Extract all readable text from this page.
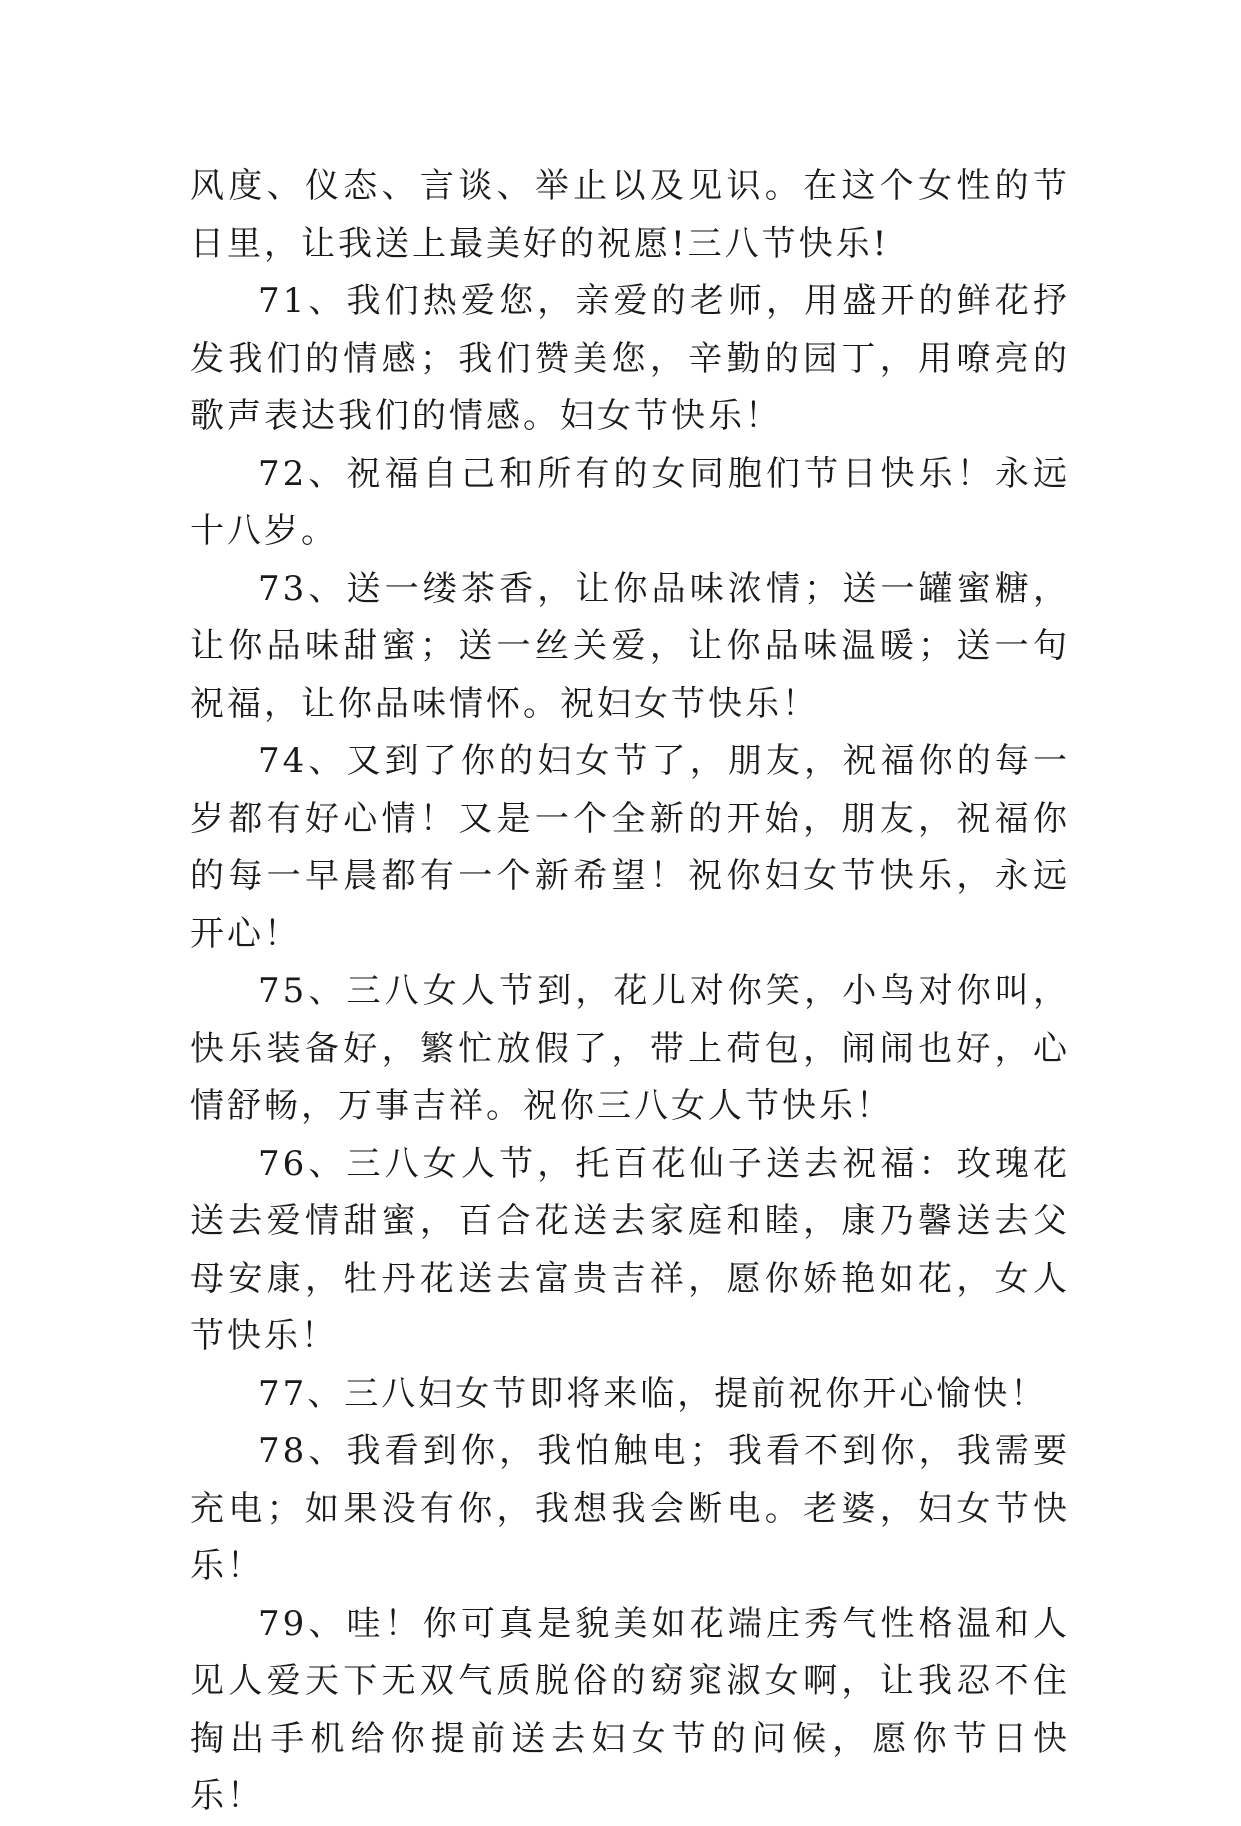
风度、仪态、言谈、举止以及见识。在这个女性的节日里，让我送上最美好的祝愿!三八节快乐!

71、我们热爱您，亲爱的老师，用盛开的鲜花抒发我们的情感；我们赞美您，辛勤的园丁，用嘹亮的歌声表达我们的情感。妇女节快乐！

72、祝福自己和所有的女同胞们节日快乐！永远十八岁。

73、送一缕茶香，让你品味浓情；送一罐蜜糖，让你品味甜蜜；送一丝关爱，让你品味温暖；送一句祝福，让你品味情怀。祝妇女节快乐！

74、又到了你的妇女节了，朋友，祝福你的每一岁都有好心情！又是一个全新的开始，朋友，祝福你的每一早晨都有一个新希望！祝你妇女节快乐，永远开心！

75、三八女人节到，花儿对你笑，小鸟对你叫，快乐装备好，繁忙放假了，带上荷包，闹闹也好，心情舒畅，万事吉祥。祝你三八女人节快乐！

76、三八女人节，托百花仙子送去祝福：玫瑰花送去爱情甜蜜，百合花送去家庭和睦，康乃馨送去父母安康，牡丹花送去富贵吉祥，愿你娇艳如花，女人节快乐！

77、三八妇女节即将来临，提前祝你开心愉快！

78、我看到你，我怕触电；我看不到你，我需要充电；如果没有你，我想我会断电。老婆，妇女节快乐！

79、哇！你可真是貌美如花端庄秀气性格温和人见人爱天下无双气质脱俗的窈窕淑女啊，让我忍不住掏出手机给你提前送去妇女节的问候，愿你节日快乐！
